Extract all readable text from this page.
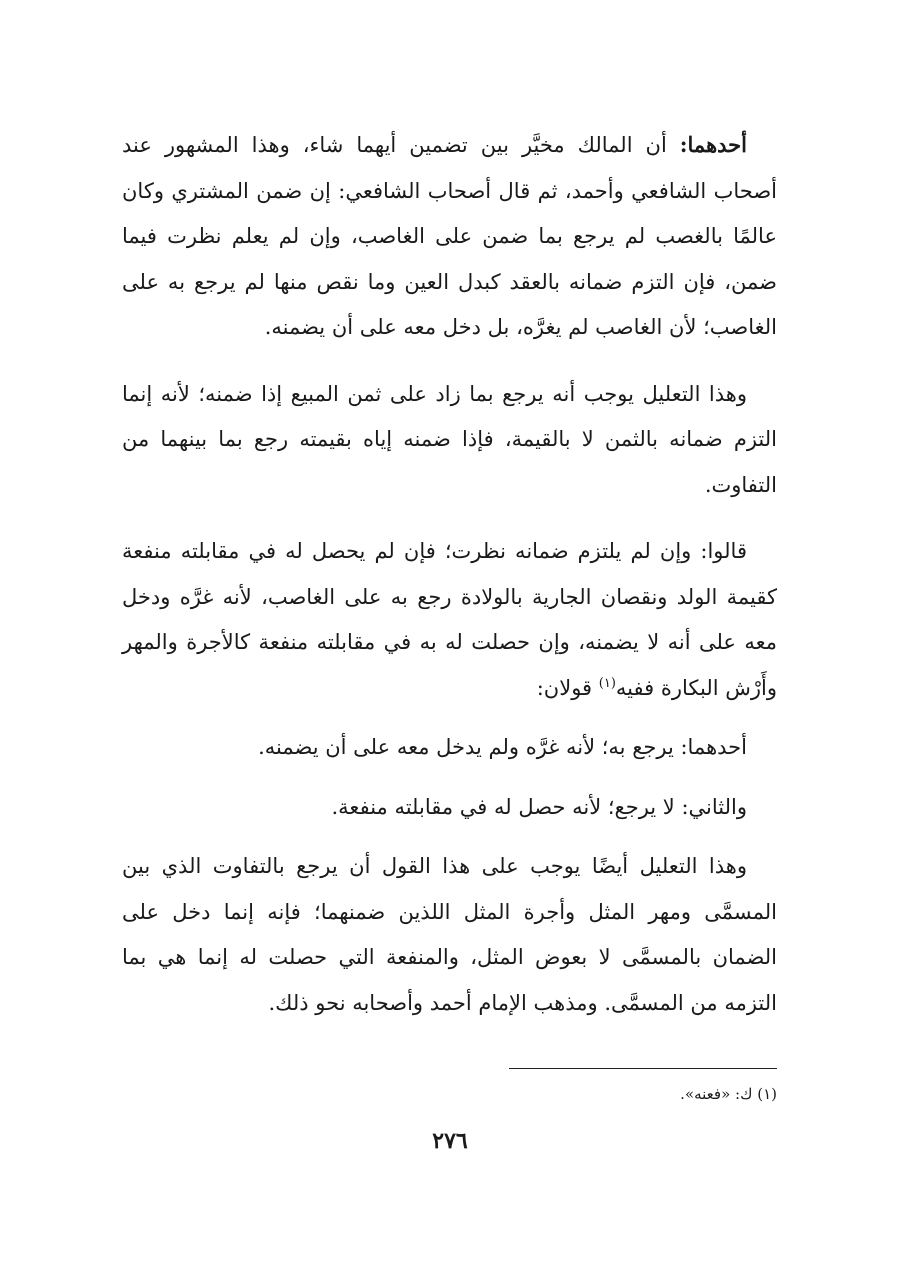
أحدهما: أن المالك مخيَّر بين تضمين أيهما شاء، وهذا المشهور عند أصحاب الشافعي وأحمد، ثم قال أصحاب الشافعي: إن ضمن المشتري وكان عالمًا بالغصب لم يرجع بما ضمن على الغاصب، وإن لم يعلم نظرت فيما ضمن، فإن التزم ضمانه بالعقد كبدل العين وما نقص منها لم يرجع به على الغاصب؛ لأن الغاصب لم يغرَّه، بل دخل معه على أن يضمنه.

وهذا التعليل يوجب أنه يرجع بما زاد على ثمن المبيع إذا ضمنه؛ لأنه إنما التزم ضمانه بالثمن لا بالقيمة، فإذا ضمنه إياه بقيمته رجع بما بينهما من التفاوت.

قالوا: وإن لم يلتزم ضمانه نظرت؛ فإن لم يحصل له في مقابلته منفعة كقيمة الولد ونقصان الجارية بالولادة رجع به على الغاصب، لأنه غرَّه ودخل معه على أنه لا يضمنه، وإن حصلت له به في مقابلته منفعة كالأجرة والمهر وأَرْش البكارة ففيه$^{(١)}$ قولان:

أحدهما: يرجع به؛ لأنه غرَّه ولم يدخل معه على أن يضمنه.

والثاني: لا يرجع؛ لأنه حصل له في مقابلته منفعة.

وهذا التعليل أيضًا يوجب على هذا القول أن يرجع بالتفاوت الذي بين المسمَّى ومهر المثل وأجرة المثل اللذين ضمنهما؛ فإنه إنما دخل على الضمان بالمسمَّى لا بعوض المثل، والمنفعة التي حصلت له إنما هي بما التزمه من المسمَّى. ومذهب الإمام أحمد وأصحابه نحو ذلك.

(١) ك: «فعنه».
٢٧٦
